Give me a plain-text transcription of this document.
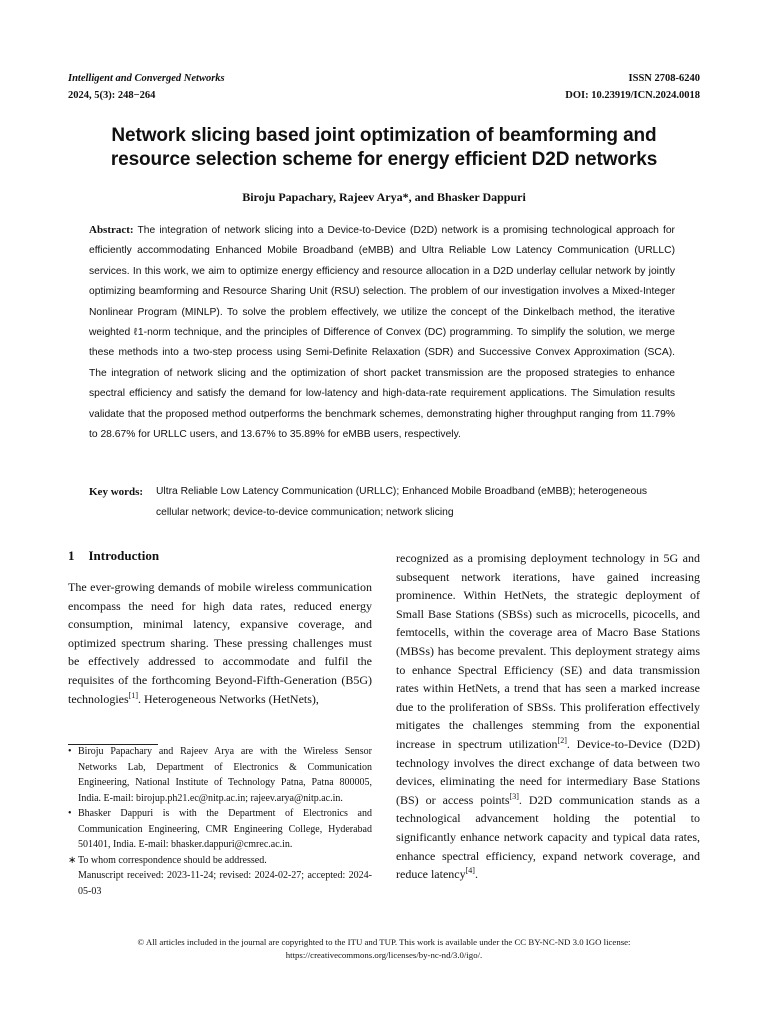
Intelligent and Converged Networks
2024, 5(3): 248−264
ISSN 2708-6240
DOI: 10.23919/ICN.2024.0018
Network slicing based joint optimization of beamforming and
resource selection scheme for energy efficient D2D networks
Biroju Papachary, Rajeev Arya*, and Bhasker Dappuri
Abstract: The integration of network slicing into a Device-to-Device (D2D) network is a promising technological approach for efficiently accommodating Enhanced Mobile Broadband (eMBB) and Ultra Reliable Low Latency Communication (URLLC) services. In this work, we aim to optimize energy efficiency and resource allocation in a D2D underlay cellular network by jointly optimizing beamforming and Resource Sharing Unit (RSU) selection. The problem of our investigation involves a Mixed-Integer Nonlinear Program (MINLP). To solve the problem effectively, we utilize the concept of the Dinkelbach method, the iterative weighted ℓ1-norm technique, and the principles of Difference of Convex (DC) programming. To simplify the solution, we merge these methods into a two-step process using Semi-Definite Relaxation (SDR) and Successive Convex Approximation (SCA). The integration of network slicing and the optimization of short packet transmission are the proposed strategies to enhance spectral efficiency and satisfy the demand for low-latency and high-data-rate requirement applications. The Simulation results validate that the proposed method outperforms the benchmark schemes, demonstrating higher throughput ranging from 11.79% to 28.67% for URLLC users, and 13.67% to 35.89% for eMBB users, respectively.
Key words: Ultra Reliable Low Latency Communication (URLLC); Enhanced Mobile Broadband (eMBB); heterogeneous cellular network; device-to-device communication; network slicing
1 Introduction
The ever-growing demands of mobile wireless communication encompass the need for high data rates, reduced energy consumption, minimal latency, expansive coverage, and optimized spectrum sharing. These pressing challenges must be effectively addressed to accommodate and fulfil the requisites of the forthcoming Beyond-Fifth-Generation (B5G) technologies[1]. Heterogeneous Networks (HetNets),
recognized as a promising deployment technology in 5G and subsequent network iterations, have gained increasing prominence. Within HetNets, the strategic deployment of Small Base Stations (SBSs) such as microcells, picocells, and femtocells, within the coverage area of Macro Base Stations (MBSs) has become prevalent. This deployment strategy aims to enhance Spectral Efficiency (SE) and data transmission rates within HetNets, a trend that has seen a marked increase due to the proliferation of SBSs. This proliferation effectively mitigates the challenges stemming from the exponential increase in spectrum utilization[2]. Device-to-Device (D2D) technology involves the direct exchange of data between two devices, eliminating the need for intermediary Base Stations (BS) or access points[3]. D2D communication stands as a technological advancement holding the potential to significantly enhance network capacity and typical data rates, enhance spectral efficiency, expand network coverage, and reduce latency[4].
• Biroju Papachary and Rajeev Arya are with the Wireless Sensor Networks Lab, Department of Electronics & Communication Engineering, National Institute of Technology Patna, Patna 800005, India. E-mail: birojup.ph21.ec@nitp.ac.in; rajeev.arya@nitp.ac.in.
• Bhasker Dappuri is with the Department of Electronics and Communication Engineering, CMR Engineering College, Hyderabad 501401, India. E-mail: bhasker.dappuri@cmrec.ac.in.
∗ To whom correspondence should be addressed.
Manuscript received: 2023-11-24; revised: 2024-02-27; accepted: 2024-05-03
© All articles included in the journal are copyrighted to the ITU and TUP. This work is available under the CC BY-NC-ND 3.0 IGO license:
https://creativecommons.org/licenses/by-nc-nd/3.0/igo/.
